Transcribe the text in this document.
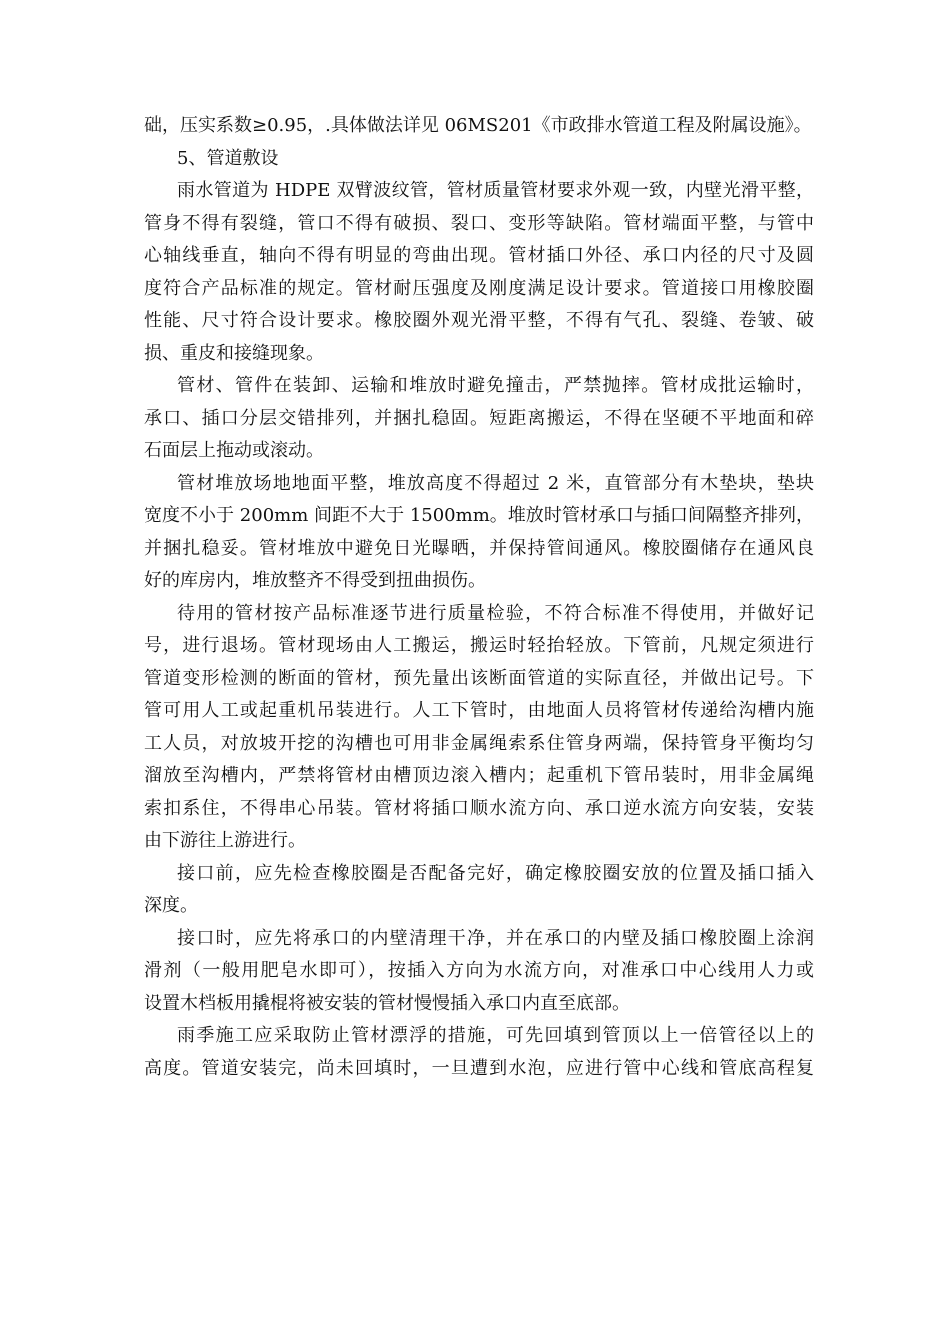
础，压实系数≥0.95，.具体做法详见 06MS201《市政排水管道工程及附属设施》。
5、管道敷设
雨水管道为 HDPE 双臂波纹管，管材质量管材要求外观一致，内壁光滑平整，
管身不得有裂缝，管口不得有破损、裂口、变形等缺陷。管材端面平整，与管中
心轴线垂直，轴向不得有明显的弯曲出现。管材插口外径、承口内径的尺寸及圆
度符合产品标准的规定。管材耐压强度及刚度满足设计要求。管道接口用橡胶圈
性能、尺寸符合设计要求。橡胶圈外观光滑平整，不得有气孔、裂缝、卷皱、破
损、重皮和接缝现象。
管材、管件在装卸、运输和堆放时避免撞击，严禁抛摔。管材成批运输时，
承口、插口分层交错排列，并捆扎稳固。短距离搬运，不得在坚硬不平地面和碎
石面层上拖动或滚动。
管材堆放场地地面平整，堆放高度不得超过 2 米，直管部分有木垫块，垫块
宽度不小于 200mm 间距不大于 1500mm。堆放时管材承口与插口间隔整齐排列，
并捆扎稳妥。管材堆放中避免日光曝晒，并保持管间通风。橡胶圈储存在通风良
好的库房内，堆放整齐不得受到扭曲损伤。
待用的管材按产品标准逐节进行质量检验，不符合标准不得使用，并做好记
号，进行退场。管材现场由人工搬运，搬运时轻抬轻放。下管前，凡规定须进行
管道变形检测的断面的管材，预先量出该断面管道的实际直径，并做出记号。下
管可用人工或起重机吊装进行。人工下管时，由地面人员将管材传递给沟槽内施
工人员，对放坡开挖的沟槽也可用非金属绳索系住管身两端，保持管身平衡均匀
溜放至沟槽内，严禁将管材由槽顶边滚入槽内；起重机下管吊装时，用非金属绳
索扣系住，不得串心吊装。管材将插口顺水流方向、承口逆水流方向安装，安装
由下游往上游进行。
接口前，应先检查橡胶圈是否配备完好，确定橡胶圈安放的位置及插口插入
深度。
接口时，应先将承口的内壁清理干净，并在承口的内壁及插口橡胶圈上涂润
滑剂（一般用肥皂水即可），按插入方向为水流方向，对准承口中心线用人力或
设置木档板用撬棍将被安装的管材慢慢插入承口内直至底部。
雨季施工应采取防止管材漂浮的措施，可先回填到管顶以上一倍管径以上的
高度。管道安装完，尚未回填时，一旦遭到水泡，应进行管中心线和管底高程复
